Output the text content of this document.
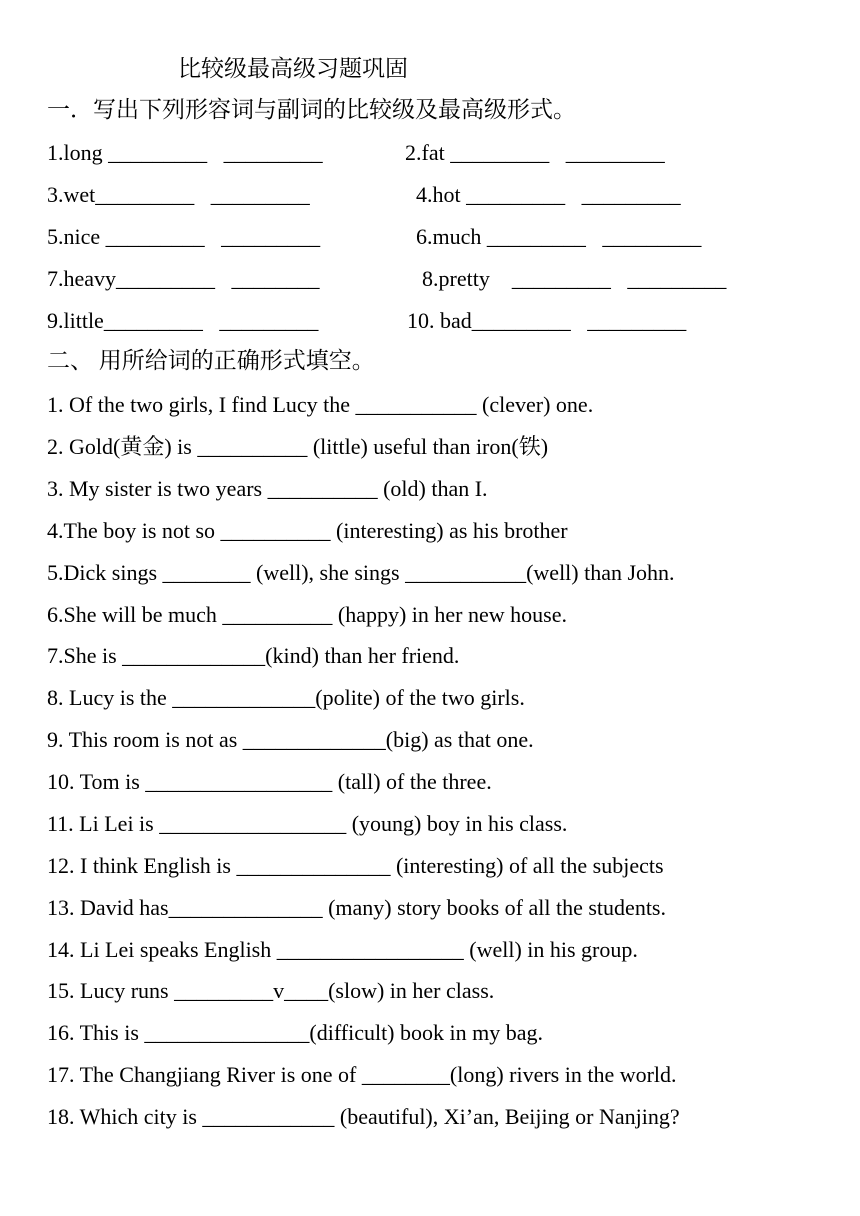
比较级最高级习题巩固
一．写出下列形容词与副词的比较级及最高级形式。
1.long _________   _________	2.fat _________   _________
3.wet_________   _________	4.hot _________   _________
5.nice _________   _________	6.much _________   _________
7.heavy_________   ________	8.pretty    _________   _________
9.little_________   _________	10. bad_________   _________
二、 用所给词的正确形式填空。
1. Of the two girls, I find Lucy the ___________ (clever) one.
2. Gold(黄金) is __________ (little) useful than iron(铁)
3. My sister is two years __________ (old) than I.
4.The boy is not so __________ (interesting) as his brother
5.Dick sings ________ (well), she sings ___________(well) than John.
6.She will be much __________ (happy) in her new house.
7.She is _____________(kind) than her friend.
8. Lucy is the _____________(polite) of the two girls.
9. This room is not as _____________(big) as that one.
10. Tom is _________________ (tall) of the three.
11. Li Lei is _________________ (young) boy in his class.
12. I think English is ______________ (interesting) of all the subjects
13. David has______________ (many) story books of all the students.
14. Li Lei speaks English _________________ (well) in his group.
15. Lucy runs _________v____(slow) in her class.
16. This is _______________(difficult) book in my bag.
17. The Changjiang River is one of ________(long) rivers in the world.
18. Which city is ____________ (beautiful), Xi’an, Beijing or Nanjing?
